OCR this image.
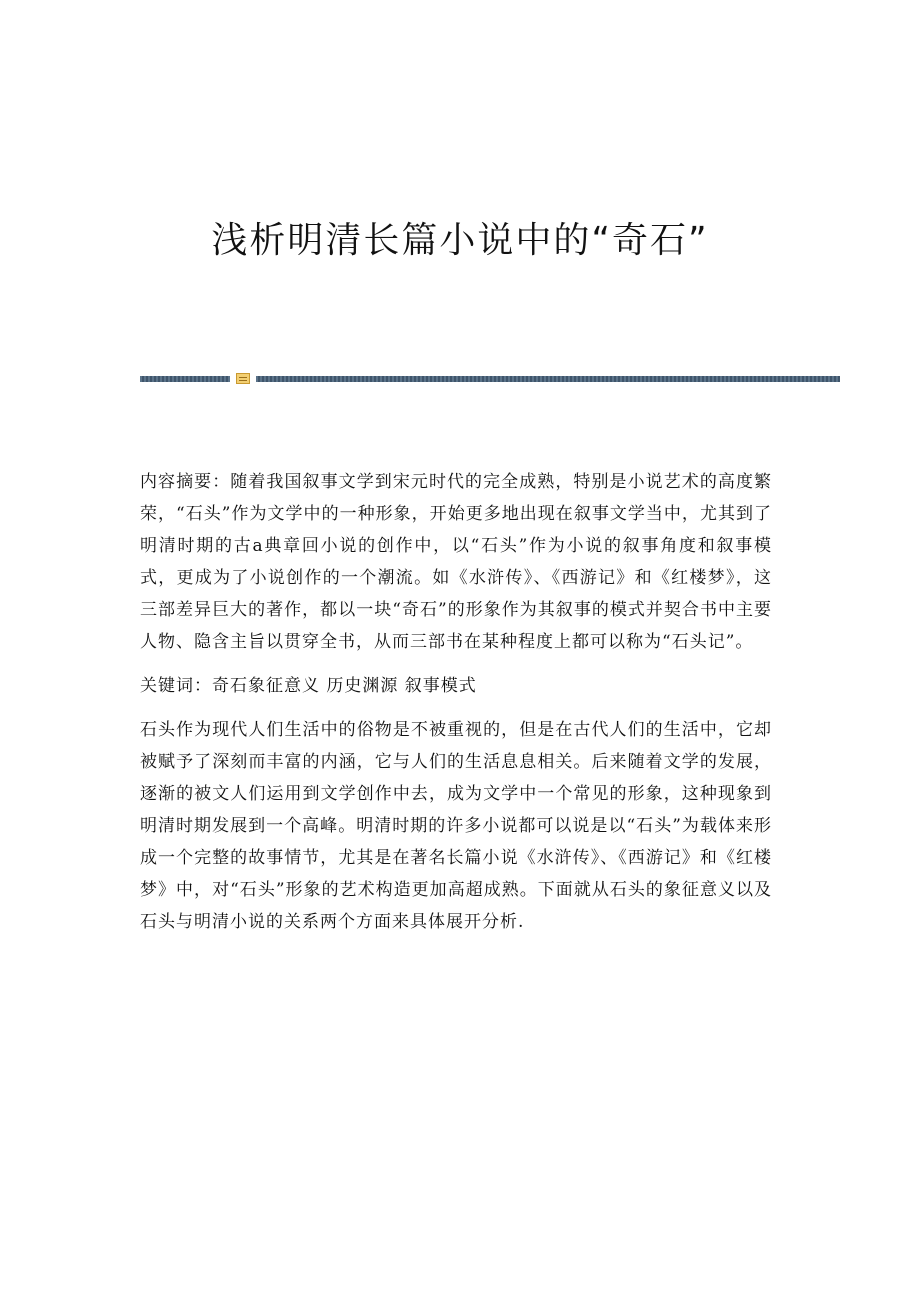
浅析明清长篇小说中的“奇石”

内容摘要：随着我国叙事文学到宋元时代的完全成熟，特别是小说艺术的高度繁荣，“石头”作为文学中的一种形象，开始更多地出现在叙事文学当中，尤其到了明清时期的古a典章回小说的创作中，以“石头”作为小说的叙事角度和叙事模式，更成为了小说创作的一个潮流。如《水浒传》、《西游记》和《红楼梦》，这三部差异巨大的著作，都以一块“奇石”的形象作为其叙事的模式并契合书中主要人物、隐含主旨以贯穿全书，从而三部书在某种程度上都可以称为“石头记”。

关键词：奇石象征意义 历史渊源 叙事模式

石头作为现代人们生活中的俗物是不被重视的，但是在古代人们的生活中，它却被赋予了深刻而丰富的内涵，它与人们的生活息息相关。后来随着文学的发展，逐渐的被文人们运用到文学创作中去，成为文学中一个常见的形象，这种现象到明清时期发展到一个高峰。明清时期的许多小说都可以说是以“石头”为载体来形成一个完整的故事情节，尤其是在著名长篇小说《水浒传》、《西游记》和《红楼梦》中，对“石头”形象的艺术构造更加高超成熟。下面就从石头的象征意义以及石头与明清小说的关系两个方面来具体展开分析.
